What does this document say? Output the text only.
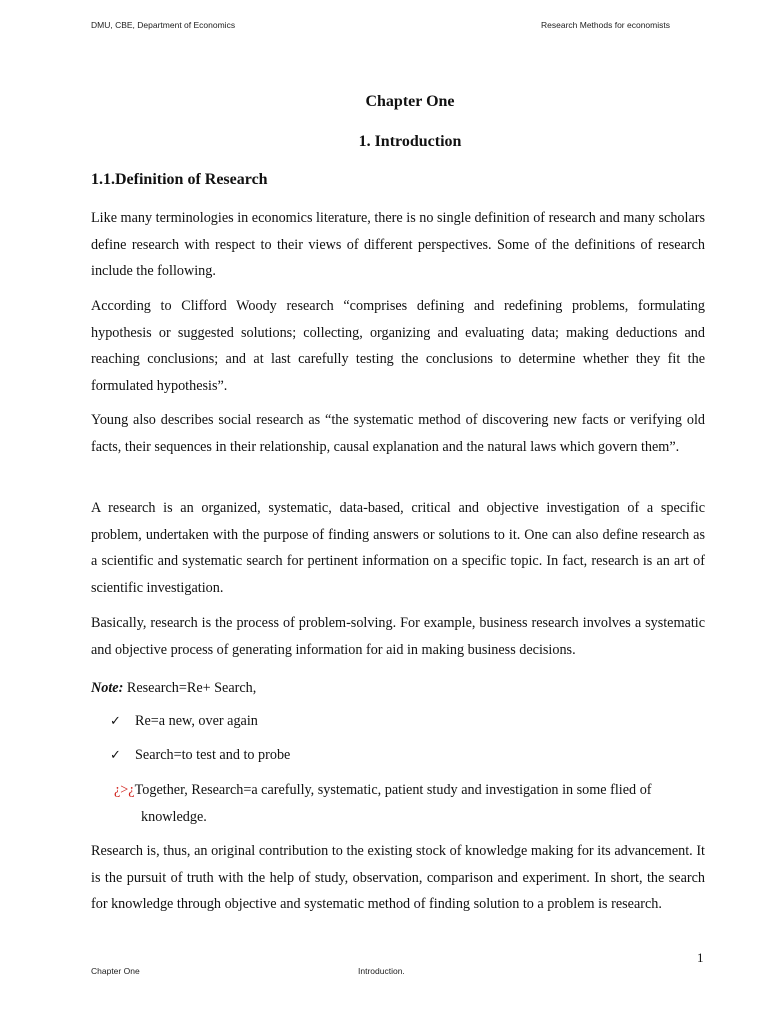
DMU, CBE, Department of Economics	Research Methods for economists
Chapter One
1. Introduction
1.1.Definition of Research
Like many terminologies in economics literature, there is no single definition of research and many scholars define research with respect to their views of different perspectives. Some of the definitions of research include the following.
According to Clifford Woody research “comprises defining and redefining problems, formulating hypothesis or suggested solutions; collecting, organizing and evaluating data; making deductions and reaching conclusions; and at last carefully testing the conclusions to determine whether they fit the formulated hypothesis”.
Young also describes social research as “the systematic method of discovering new facts or verifying old facts, their sequences in their relationship, causal explanation and the natural laws which govern them”.
A research is an organized, systematic, data-based, critical and objective investigation of a specific problem, undertaken with the purpose of finding answers or solutions to it. One can also define research as a scientific and systematic search for pertinent information on a specific topic. In fact, research is an art of scientific investigation.
Basically, research is the process of problem-solving. For example, business research involves a systematic and objective process of generating information for aid in making business decisions.
Note: Research=Re+ Search,
✓ Re=a new, over again
✓ Search=to test and to probe
¿>¿Together, Research=a carefully, systematic, patient study and investigation in some flied of
knowledge.
Research is, thus, an original contribution to the existing stock of knowledge making for its advancement. It is the pursuit of truth with the help of study, observation, comparison and experiment. In short, the search for knowledge through objective and systematic method of finding solution to a problem is research.
1
Chapter One	Introduction.
